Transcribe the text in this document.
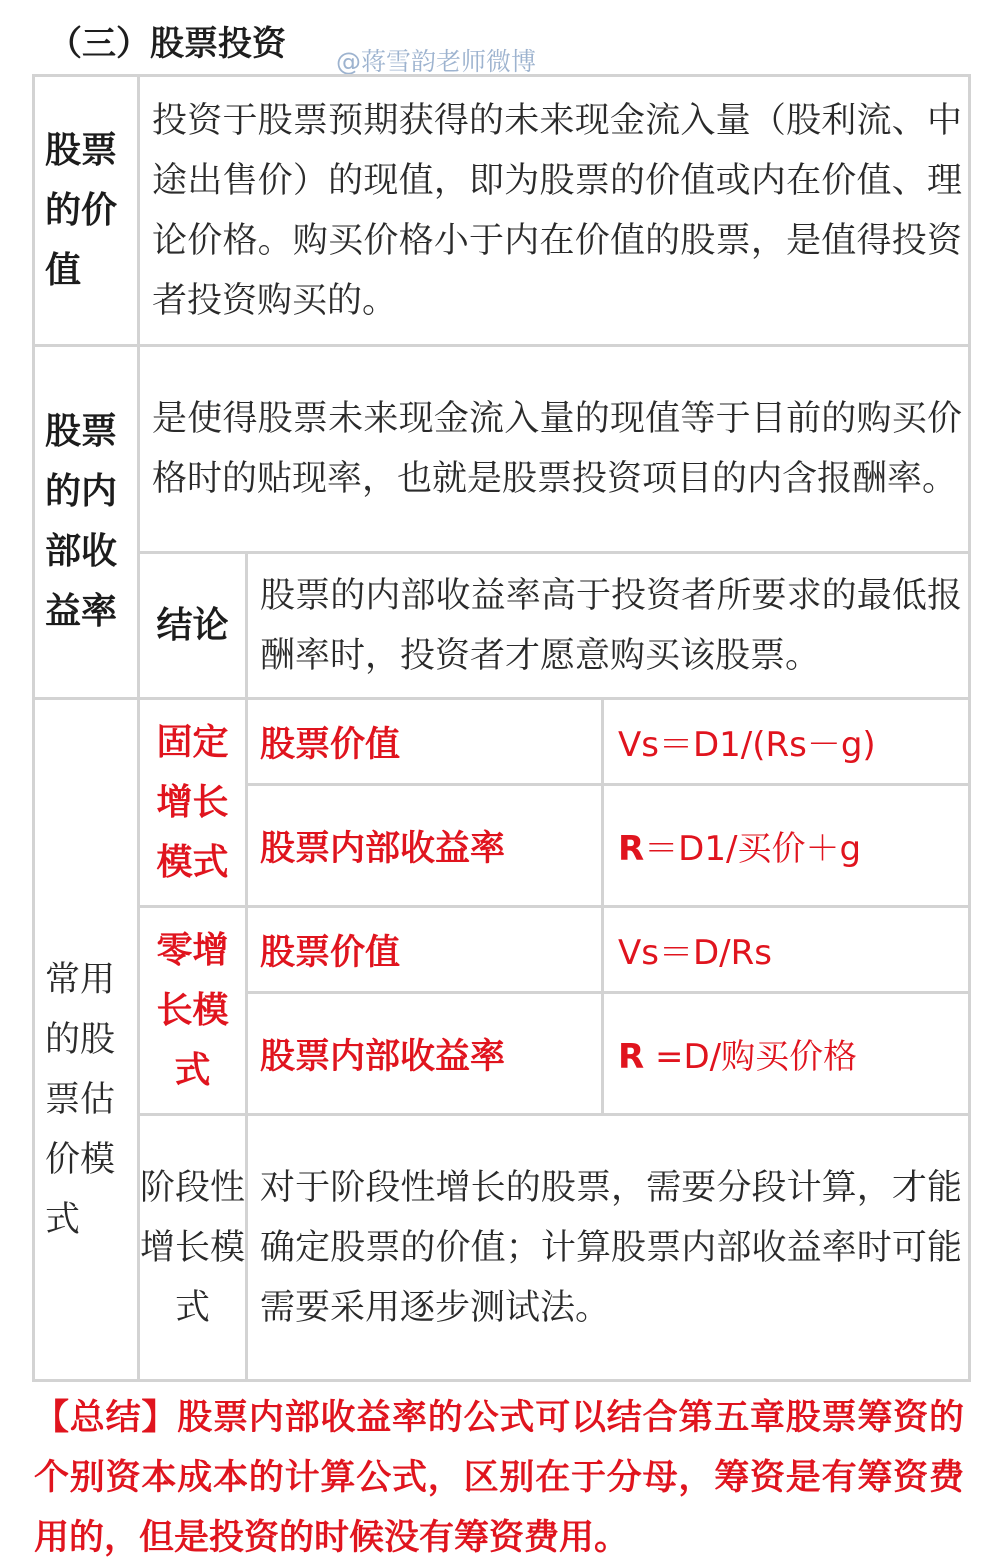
（三）股票投资 @蒋雪韵老师微博
股票的价值	投资于股票预期获得的未来现金流入量（股利流、中途出售价）的现值，即为股票的价值或内在价值、理论价格。购买价格小于内在价值的股票，是值得投资者投资购买的。		
股票的内部收益率	是使得股票未来现金流入量的现值等于目前的购买价格时的贴现率，也就是股票投资项目的内含报酬率。		
	结论	股票的内部收益率高于投资者所要求的最低报酬率时，投资者才愿意购买该股票。	
常用的股票估价模式	固定增长模式	股票价值	Vs＝D1/(Rs－g)
		股票内部收益率	R＝D1/买价＋g
	零增长模式	股票价值	Vs＝D/Rs
		股票内部收益率	R =D/购买价格
	阶段性增长模式	对于阶段性增长的股票，需要分段计算，才能确定股票的价值；计算股票内部收益率时可能需要采用逐步测试法。	
【总结】股票内部收益率的公式可以结合第五章股票筹资的个别资本成本的计算公式，区别在于分母，筹资是有筹资费用的，但是投资的时候没有筹资费用。
